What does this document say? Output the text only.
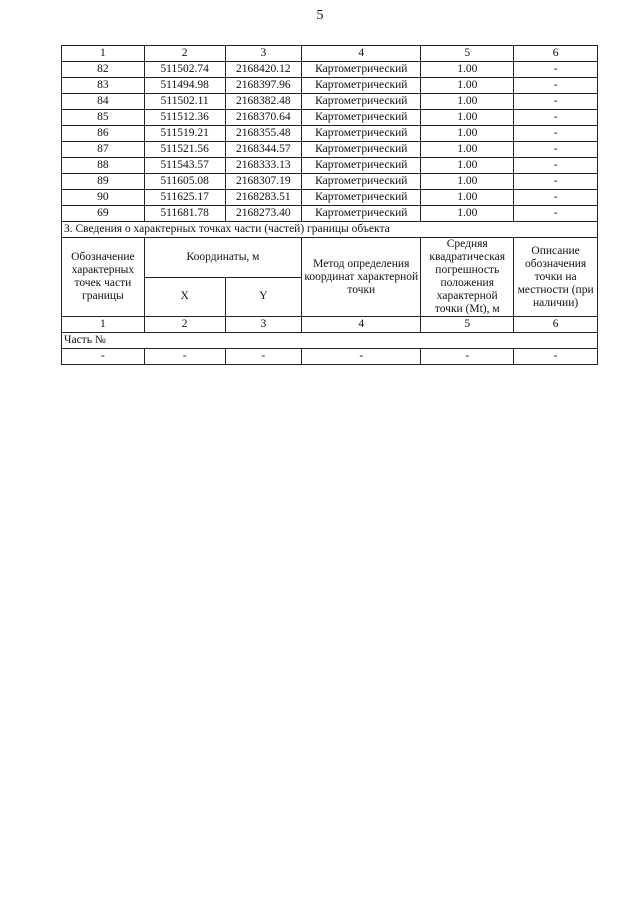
5
1	2	3	4	5	6
82	511502.74	2168420.12	Картометрический	1.00	-
83	511494.98	2168397.96	Картометрический	1.00	-
84	511502.11	2168382.48	Картометрический	1.00	-
85	511512.36	2168370.64	Картометрический	1.00	-
86	511519.21	2168355.48	Картометрический	1.00	-
87	511521.56	2168344.57	Картометрический	1.00	-
88	511543.57	2168333.13	Картометрический	1.00	-
89	511605.08	2168307.19	Картометрический	1.00	-
90	511625.17	2168283.51	Картометрический	1.00	-
69	511681.78	2168273.40	Картометрический	1.00	-
3. Сведения о характерных точках части (частей) границы объекта					
Обозначение характерных точек части границы	Координаты, м		Метод определения координат характерной точки	Средняя квадратическая погрешность положения характерной точки (Mt), м	Описание обозначения точки на местности (при наличии)
	X	Y			
1	2	3	4	5	6
Часть №					
-	-	-	-	-	-
